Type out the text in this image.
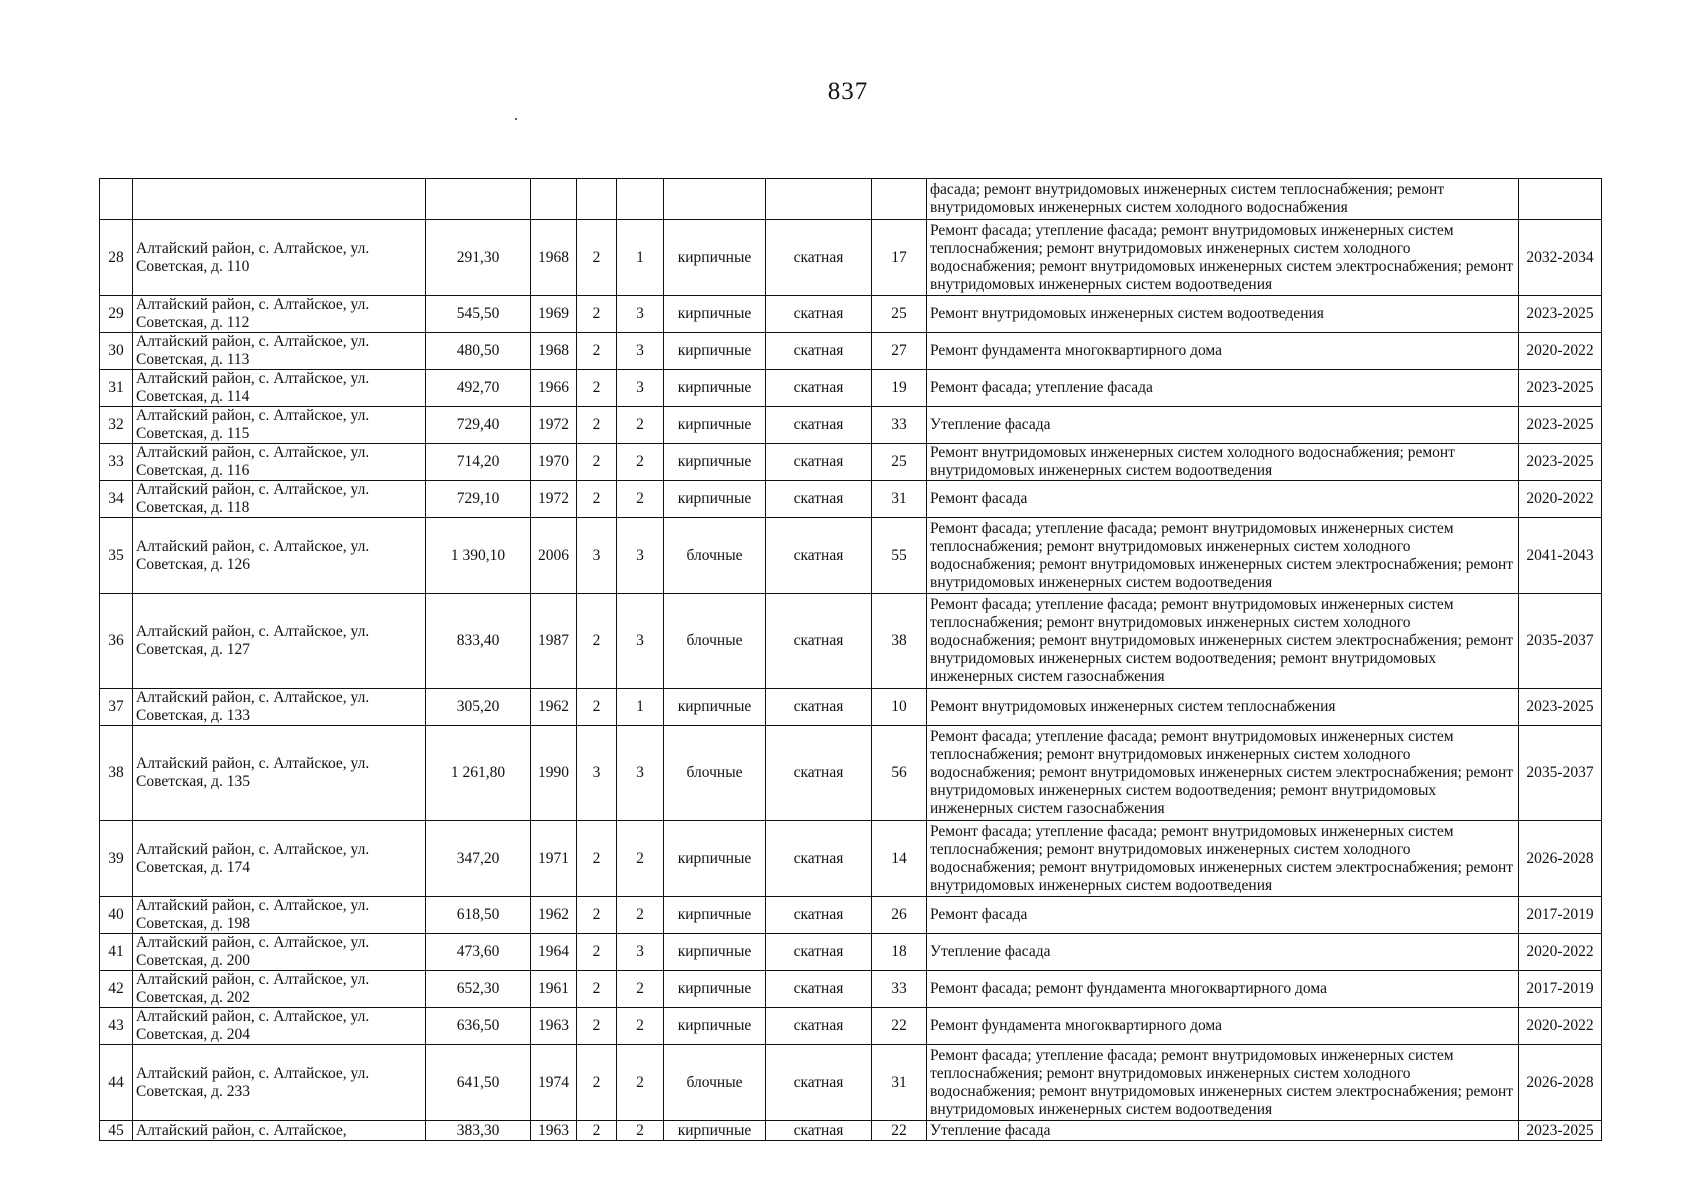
837
									фасада; ремонт внутридомовых инженерных систем теплоснабжения; ремонт внутридомовых инженерных систем холодного водоснабжения	
28	Алтайский район, с. Алтайское, ул. Советская, д. 110	291,30	1968	2	1	кирпичные	скатная	17	Ремонт фасада; утепление фасада; ремонт внутридомовых инженерных систем теплоснабжения; ремонт внутридомовых инженерных систем холодного водоснабжения; ремонт внутридомовых инженерных систем электроснабжения; ремонт внутридомовых инженерных систем водоотведения	2032-2034
29	Алтайский район, с. Алтайское, ул. Советская, д. 112	545,50	1969	2	3	кирпичные	скатная	25	Ремонт внутридомовых инженерных систем водоотведения	2023-2025
30	Алтайский район, с. Алтайское, ул. Советская, д. 113	480,50	1968	2	3	кирпичные	скатная	27	Ремонт фундамента многоквартирного дома	2020-2022
31	Алтайский район, с. Алтайское, ул. Советская, д. 114	492,70	1966	2	3	кирпичные	скатная	19	Ремонт фасада; утепление фасада	2023-2025
32	Алтайский район, с. Алтайское, ул. Советская, д. 115	729,40	1972	2	2	кирпичные	скатная	33	Утепление фасада	2023-2025
33	Алтайский район, с. Алтайское, ул. Советская, д. 116	714,20	1970	2	2	кирпичные	скатная	25	Ремонт внутридомовых инженерных систем холодного водоснабжения; ремонт внутридомовых инженерных систем водоотведения	2023-2025
34	Алтайский район, с. Алтайское, ул. Советская, д. 118	729,10	1972	2	2	кирпичные	скатная	31	Ремонт фасада	2020-2022
35	Алтайский район, с. Алтайское, ул. Советская, д. 126	1 390,10	2006	3	3	блочные	скатная	55	Ремонт фасада; утепление фасада; ремонт внутридомовых инженерных систем теплоснабжения; ремонт внутридомовых инженерных систем холодного водоснабжения; ремонт внутридомовых инженерных систем электроснабжения; ремонт внутридомовых инженерных систем водоотведения	2041-2043
36	Алтайский район, с. Алтайское, ул. Советская, д. 127	833,40	1987	2	3	блочные	скатная	38	Ремонт фасада; утепление фасада; ремонт внутридомовых инженерных систем теплоснабжения; ремонт внутридомовых инженерных систем холодного водоснабжения; ремонт внутридомовых инженерных систем электроснабжения; ремонт внутридомовых инженерных систем водоотведения; ремонт внутридомовых инженерных систем газоснабжения	2035-2037
37	Алтайский район, с. Алтайское, ул. Советская, д. 133	305,20	1962	2	1	кирпичные	скатная	10	Ремонт внутридомовых инженерных систем теплоснабжения	2023-2025
38	Алтайский район, с. Алтайское, ул. Советская, д. 135	1 261,80	1990	3	3	блочные	скатная	56	Ремонт фасада; утепление фасада; ремонт внутридомовых инженерных систем теплоснабжения; ремонт внутридомовых инженерных систем холодного водоснабжения; ремонт внутридомовых инженерных систем электроснабжения; ремонт внутридомовых инженерных систем водоотведения; ремонт внутридомовых инженерных систем газоснабжения	2035-2037
39	Алтайский район, с. Алтайское, ул. Советская, д. 174	347,20	1971	2	2	кирпичные	скатная	14	Ремонт фасада; утепление фасада; ремонт внутридомовых инженерных систем теплоснабжения; ремонт внутридомовых инженерных систем холодного водоснабжения; ремонт внутридомовых инженерных систем электроснабжения; ремонт внутридомовых инженерных систем водоотведения	2026-2028
40	Алтайский район, с. Алтайское, ул. Советская, д. 198	618,50	1962	2	2	кирпичные	скатная	26	Ремонт фасада	2017-2019
41	Алтайский район, с. Алтайское, ул. Советская, д. 200	473,60	1964	2	3	кирпичные	скатная	18	Утепление фасада	2020-2022
42	Алтайский район, с. Алтайское, ул. Советская, д. 202	652,30	1961	2	2	кирпичные	скатная	33	Ремонт фасада; ремонт фундамента многоквартирного дома	2017-2019
43	Алтайский район, с. Алтайское, ул. Советская, д. 204	636,50	1963	2	2	кирпичные	скатная	22	Ремонт фундамента многоквартирного дома	2020-2022
44	Алтайский район, с. Алтайское, ул. Советская, д. 233	641,50	1974	2	2	блочные	скатная	31	Ремонт фасада; утепление фасада; ремонт внутридомовых инженерных систем теплоснабжения; ремонт внутридомовых инженерных систем холодного водоснабжения; ремонт внутридомовых инженерных систем электроснабжения; ремонт внутридомовых инженерных систем водоотведения	2026-2028
45	Алтайский район, с. Алтайское,	383,30	1963	2	2	кирпичные	скатная	22	Утепление фасада	2023-2025
